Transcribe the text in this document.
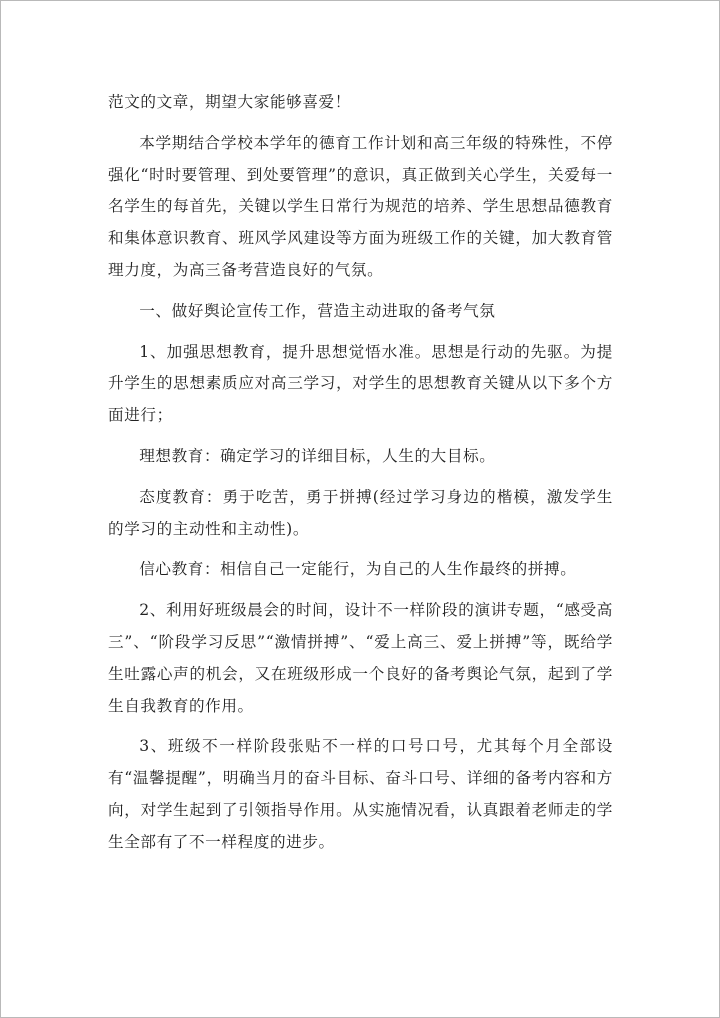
范文的文章，期望大家能够喜爱！

本学期结合学校本学年的德育工作计划和高三年级的特殊性，不停强化“时时要管理、到处要管理”的意识，真正做到关心学生，关爱每一名学生的每首先，关键以学生日常行为规范的培养、学生思想品德教育和集体意识教育、班风学风建设等方面为班级工作的关键，加大教育管理力度，为高三备考营造良好的气氛。

一、做好舆论宣传工作，营造主动进取的备考气氛

1、加强思想教育，提升思想觉悟水准。思想是行动的先驱。为提升学生的思想素质应对高三学习，对学生的思想教育关键从以下多个方面进行；

理想教育：确定学习的详细目标，人生的大目标。

态度教育：勇于吃苦，勇于拼搏(经过学习身边的楷模，激发学生的学习的主动性和主动性)。

信心教育：相信自己一定能行，为自己的人生作最终的拼搏。

2、利用好班级晨会的时间，设计不一样阶段的演讲专题，“感受高三”、“阶段学习反思”“激情拼搏”、“爱上高三、爱上拼搏”等，既给学生吐露心声的机会，又在班级形成一个良好的备考舆论气氛，起到了学生自我教育的作用。

3、班级不一样阶段张贴不一样的口号口号，尤其每个月全部设有“温馨提醒”，明确当月的奋斗目标、奋斗口号、详细的备考内容和方向，对学生起到了引领指导作用。从实施情况看，认真跟着老师走的学生全部有了不一样程度的进步。
